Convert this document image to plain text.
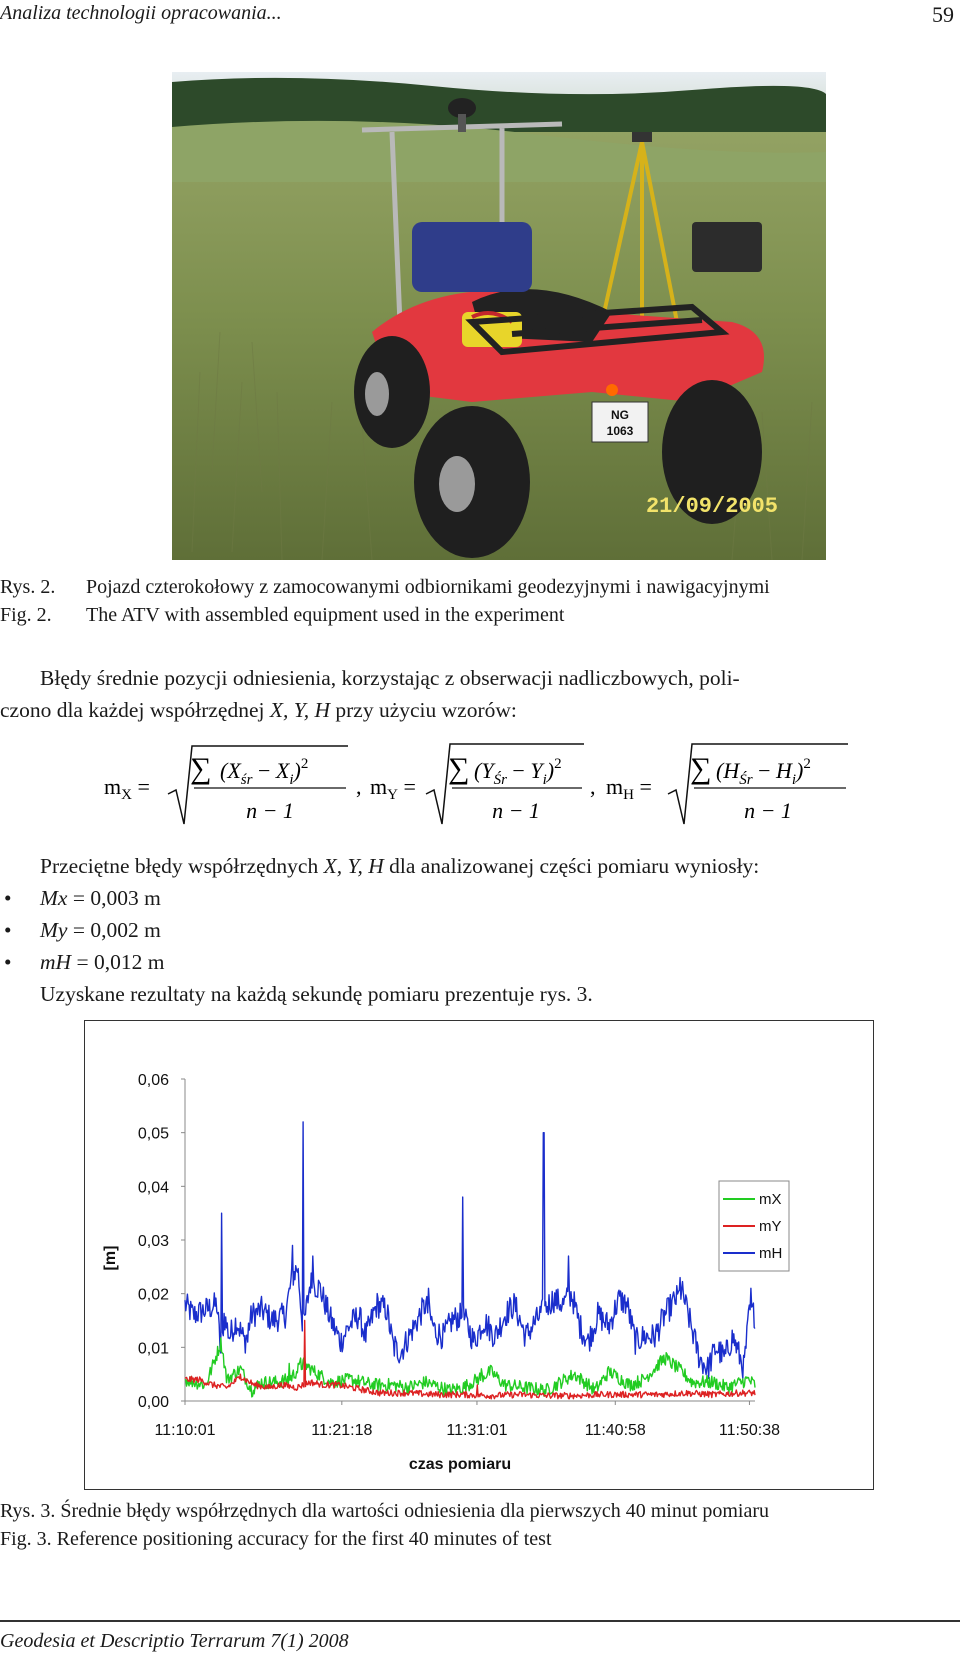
Analiza technologii opracowania...	59
NG
1063
21/09/2005
Rys. 2. Pojazd czterokołowy z zamocowanymi odbiornikami geodezyjnymi i nawigacyjnymi
Fig. 2. The ATV with assembled equipment used in the experiment
Błędy średnie pozycji odniesienia, korzystając z obserwacji nadliczbowych, poli-
czono dla każdej współrzędnej X, Y, H przy użyciu wzorów:
$m_X$ =
∑ $(X_{śr} - X_i)^2$
n − 1
, $m_Y$ =
∑ $(Y_{Śr} - Y_i)^2$
n − 1
, $m_H$ =
∑ $(H_{Śr} - H_i)^2$
n − 1
Przeciętne błędy współrzędnych X, Y, H dla analizowanej części pomiaru wyniosły:
• Mx = 0,003 m
• My = 0,002 m
• mH = 0,012 m
Uzyskane rezultaty na każdą sekundę pomiaru prezentuje rys. 3.
0,06
0,05
0,04
0,03
0,02
0,01
0,00
11:10:01	11:21:18	11:31:01	11:40:58	11:50:38
[m]
czas pomiaru
mX
mY
mH
Rys. 3. Średnie błędy współrzędnych dla wartości odniesienia dla pierwszych 40 minut pomiaru
Fig. 3. Reference positioning accuracy for the first 40 minutes of test
Geodesia et Descriptio Terrarum 7(1) 2008
